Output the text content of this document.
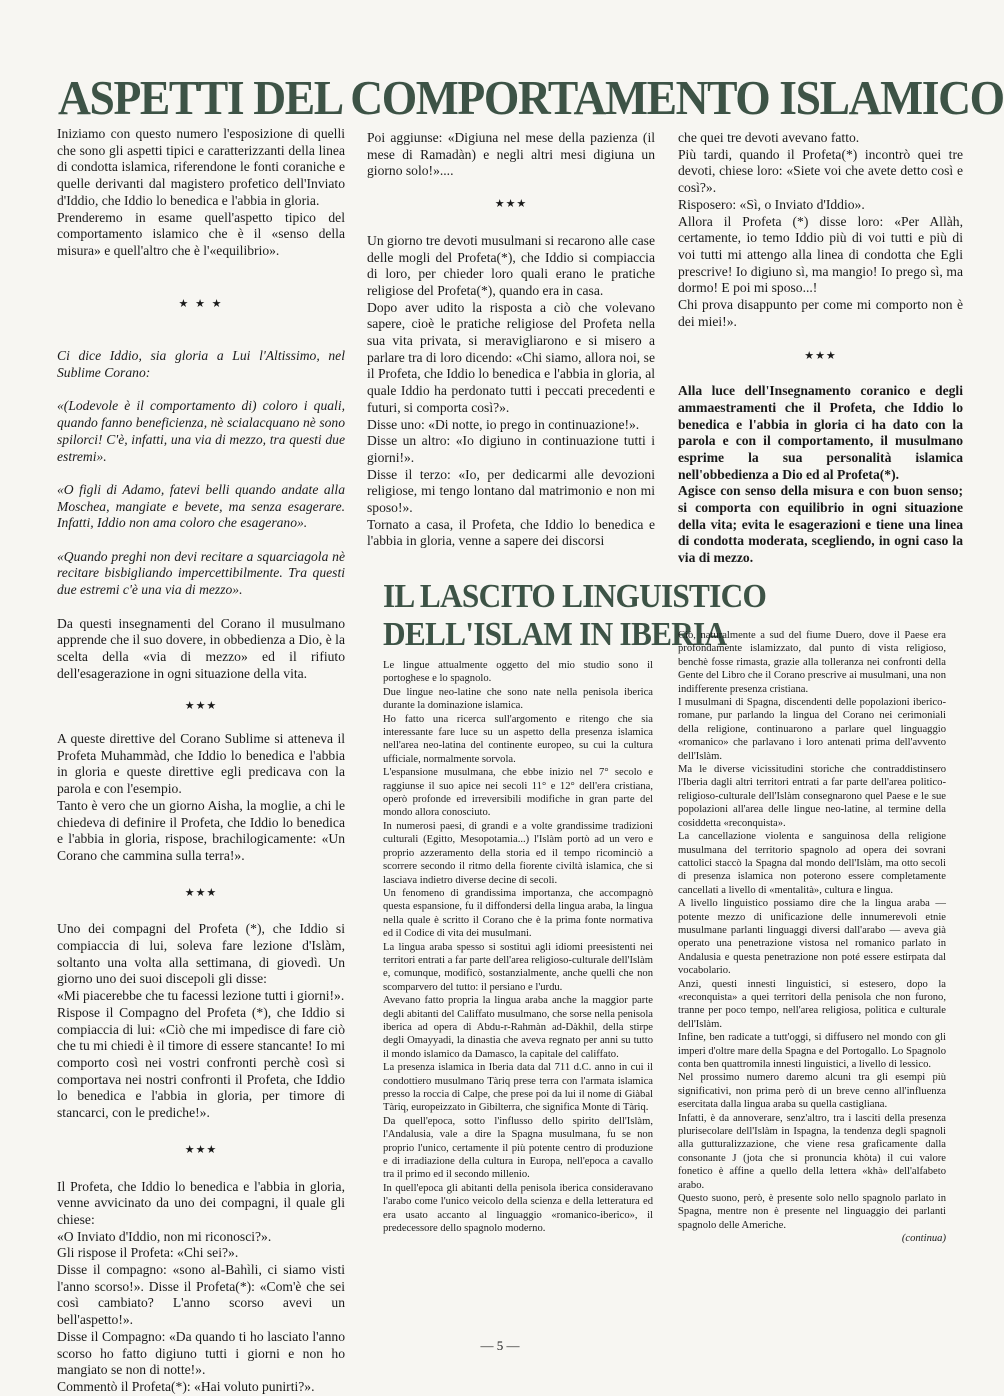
ASPETTI DEL COMPORTAMENTO ISLAMICO

Iniziamo con questo numero l'esposizione di quelli che sono gli aspetti tipici e caratterizzanti della linea di condotta islamica, riferendone le fonti coraniche e quelle derivanti dal magistero profetico dell'Inviato d'Iddio, che Iddio lo benedica e l'abbia in gloria.

Prenderemo in esame quell'aspetto tipico del comportamento islamico che è il «senso della misura» e quell'altro che è l'«equilibrio».

★ ★ ★

Ci dice Iddio, sia gloria a Lui l'Altissimo, nel Sublime Corano:

«(Lodevole è il comportamento di) coloro i quali, quando fanno beneficienza, nè scialacquano nè sono spilorci! C'è, infatti, una via di mezzo, tra questi due estremi».

«O figli di Adamo, fatevi belli quando andate alla Moschea, mangiate e bevete, ma senza esagerare. Infatti, Iddio non ama coloro che esagerano».

«Quando preghi non devi recitare a squarciagola nè recitare bisbigliando impercettibilmente. Tra questi due estremi c'è una via di mezzo».

Da questi insegnamenti del Corano il musulmano apprende che il suo dovere, in obbedienza a Dio, è la scelta della «via di mezzo» ed il rifiuto dell'esagerazione in ogni situazione della vita.

★★★

A queste direttive del Corano Sublime si atteneva il Profeta Muhammàd, che Iddio lo benedica e l'abbia in gloria e queste direttive egli predicava con la parola e con l'esempio.

Tanto è vero che un giorno Aisha, la moglie, a chi le chiedeva di definire il Profeta, che Iddio lo benedica e l'abbia in gloria, rispose, brachilogicamente: «Un Corano che cammina sulla terra!».

★★★

Uno dei compagni del Profeta (*), che Iddio si compiaccia di lui, soleva fare lezione d'Islàm, soltanto una volta alla settimana, di giovedì. Un giorno uno dei suoi discepoli gli disse:

«Mi piacerebbe che tu facessi lezione tutti i giorni!».

Rispose il Compagno del Profeta (*), che Iddio si compiaccia di lui: «Ciò che mi impedisce di fare ciò che tu mi chiedi è il timore di essere stancante! Io mi comporto così nei vostri confronti perchè così si comportava nei nostri confronti il Profeta, che Iddio lo benedica e l'abbia in gloria, per timore di stancarci, con le prediche!».

★★★

Il Profeta, che Iddio lo benedica e l'abbia in gloria, venne avvicinato da uno dei compagni, il quale gli chiese:

«O Inviato d'Iddio, non mi riconosci?».

Gli rispose il Profeta: «Chi sei?».

Disse il compagno: «sono al-Bahìli, ci siamo visti l'anno scorso!». Disse il Profeta(*): «Com'è che sei così cambiato? L'anno scorso avevi un bell'aspetto!».

Disse il Compagno: «Da quando ti ho lasciato l'anno scorso ho fatto digiuno tutti i giorni e non ho mangiato se non di notte!».

Commentò il Profeta(*): «Hai voluto punirti?».

Poi aggiunse: «Digiuna nel mese della pazienza (il mese di Ramadàn) e negli altri mesi digiuna un giorno solo!»....

★★★

Un giorno tre devoti musulmani si recarono alle case delle mogli del Profeta(*), che Iddio si compiaccia di loro, per chieder loro quali erano le pratiche religiose del Profeta(*), quando era in casa.

Dopo aver udito la risposta a ciò che volevano sapere, cioè le pratiche religiose del Profeta nella sua vita privata, si meravigliarono e si misero a parlare tra di loro dicendo: «Chi siamo, allora noi, se il Profeta, che Iddio lo benedica e l'abbia in gloria, al quale Iddio ha perdonato tutti i peccati precedenti e futuri, si comporta così?».

Disse uno: «Di notte, io prego in continuazione!».

Disse un altro: «Io digiuno in continuazione tutti i giorni!».

Disse il terzo: «Io, per dedicarmi alle devozioni religiose, mi tengo lontano dal matrimonio e non mi sposo!».

Tornato a casa, il Profeta, che Iddio lo benedica e l'abbia in gloria, venne a sapere dei discorsi

che quei tre devoti avevano fatto.

Più tardi, quando il Profeta(*) incontrò quei tre devoti, chiese loro: «Siete voi che avete detto così e così?».

Risposero: «Sì, o Inviato d'Iddio».

Allora il Profeta (*) disse loro: «Per Allàh, certamente, io temo Iddio più di voi tutti e più di voi tutti mi attengo alla linea di condotta che Egli prescrive! Io digiuno sì, ma mangio! Io prego sì, ma dormo! E poi mi sposo...!

Chi prova disappunto per come mi comporto non è dei miei!».

★★★

Alla luce dell'Insegnamento coranico e degli ammaestramenti che il Profeta, che Iddio lo benedica e l'abbia in gloria ci ha dato con la parola e con il comportamento, il musulmano esprime la sua personalità islamica nell'obbedienza a Dio ed al Profeta(*).

Agisce con senso della misura e con buon senso; si comporta con equilibrio in ogni situazione della vita; evita le esagerazioni e tiene una linea di condotta moderata, scegliendo, in ogni caso la via di mezzo.

IL LASCITO LINGUISTICO DELL'ISLAM IN IBERIA

Le lingue attualmente oggetto del mio studio sono il portoghese e lo spagnolo.

Due lingue neo-latine che sono nate nella penisola iberica durante la dominazione islamica.

Ho fatto una ricerca sull'argomento e ritengo che sia interessante fare luce su un aspetto della presenza islamica nell'area neo-latina del continente europeo, su cui la cultura ufficiale, normalmente sorvola.

L'espansione musulmana, che ebbe inizio nel 7° secolo e raggiunse il suo apice nei secoli 11° e 12° dell'era cristiana, operò profonde ed irreversibili modifiche in gran parte del mondo allora conosciuto.

In numerosi paesi, di grandi e a volte grandissime tradizioni culturali (Egitto, Mesopotamia...) l'Islàm portò ad un vero e proprio azzeramento della storia ed il tempo ricominciò a scorrere secondo il ritmo della fiorente civiltà islamica, che si lasciava indietro diverse decine di secoli.

Un fenomeno di grandissima importanza, che accompagnò questa espansione, fu il diffondersi della lingua araba, la lingua nella quale è scritto il Corano che è la prima fonte normativa ed il Codice di vita dei musulmani.

La lingua araba spesso si sostituì agli idiomi preesistenti nei territori entrati a far parte dell'area religioso-culturale dell'Islàm e, comunque, modificò, sostanzialmente, anche quelli che non scomparvero del tutto: il persiano e l'urdu.

Avevano fatto propria la lingua araba anche la maggior parte degli abitanti del Califfato musulmano, che sorse nella penisola iberica ad opera di Abdu-r-Rahmàn ad-Dàkhil, della stirpe degli Omayyadi, la dinastia che aveva regnato per anni su tutto il mondo islamico da Damasco, la capitale del califfato.

La presenza islamica in Iberia data dal 711 d.C. anno in cui il condottiero musulmano Tàriq prese terra con l'armata islamica presso la roccia di Calpe, che prese poi da lui il nome di Giàbal Tàriq, europeizzato in Gibilterra, che significa Monte di Tàriq.

Da quell'epoca, sotto l'influsso dello spirito dell'Islàm, l'Andalusia, vale a dire la Spagna musulmana, fu se non proprio l'unico, certamente il più potente centro di produzione e di irradiazione della cultura in Europa, nell'epoca a cavallo tra il primo ed il secondo millenio.

In quell'epoca gli abitanti della penisola iberica consideravano l'arabo come l'unico veicolo della scienza e della letteratura ed era usato accanto al linguaggio «romanico-iberico», il predecessore dello spagnolo moderno.

Ciò, naturalmente a sud del fiume Duero, dove il Paese era profondamente islamizzato, dal punto di vista religioso, benchè fosse rimasta, grazie alla tolleranza nei confronti della Gente del Libro che il Corano prescrive ai musulmani, una non indifferente presenza cristiana.

I musulmani di Spagna, discendenti delle popolazioni iberico-romane, pur parlando la lingua del Corano nei cerimoniali della religione, continuarono a parlare quel linguaggio «romanico» che parlavano i loro antenati prima dell'avvento dell'Islàm.

Ma le diverse vicissitudini storiche che contraddistinsero l'Iberia dagli altri territori entrati a far parte dell'area politico-religioso-culturale dell'Islàm consegnarono quel Paese e le sue popolazioni all'area delle lingue neo-latine, al termine della cosiddetta «reconquista».

La cancellazione violenta e sanguinosa della religione musulmana del territorio spagnolo ad opera dei sovrani cattolici staccò la Spagna dal mondo dell'Islàm, ma otto secoli di presenza islamica non poterono essere completamente cancellati a livello di «mentalità», cultura e lingua.

A livello linguistico possiamo dire che la lingua araba — potente mezzo di unificazione delle innumerevoli etnie musulmane parlanti linguaggi diversi dall'arabo — aveva già operato una penetrazione vistosa nel romanico parlato in Andalusia e questa penetrazione non poté essere estirpata dal vocabolario.

Anzi, questi innesti linguistici, si estesero, dopo la «reconquista» a quei territori della penisola che non furono, tranne per poco tempo, nell'area religiosa, politica e culturale dell'Islàm.

Infine, ben radicate a tutt'oggi, si diffusero nel mondo con gli imperi d'oltre mare della Spagna e del Portogallo. Lo Spagnolo conta ben quattromila innesti linguistici, a livello di lessico.

Nel prossimo numero daremo alcuni tra gli esempi più significativi, non prima però di un breve cenno all'influenza esercitata dalla lingua araba su quella castigliana.

Infatti, è da annoverare, senz'altro, tra i lasciti della presenza plurisecolare dell'Islàm in Ispagna, la tendenza degli spagnoli alla gutturalizzazione, che viene resa graficamente dalla consonante J (jota che si pronuncia khòta) il cui valore fonetico è affine a quello della lettera «khà» dell'alfabeto arabo.

Questo suono, però, è presente solo nello spagnolo parlato in Spagna, mentre non è presente nel linguaggio dei parlanti spagnolo delle Americhe.

(continua)

— 5 —
